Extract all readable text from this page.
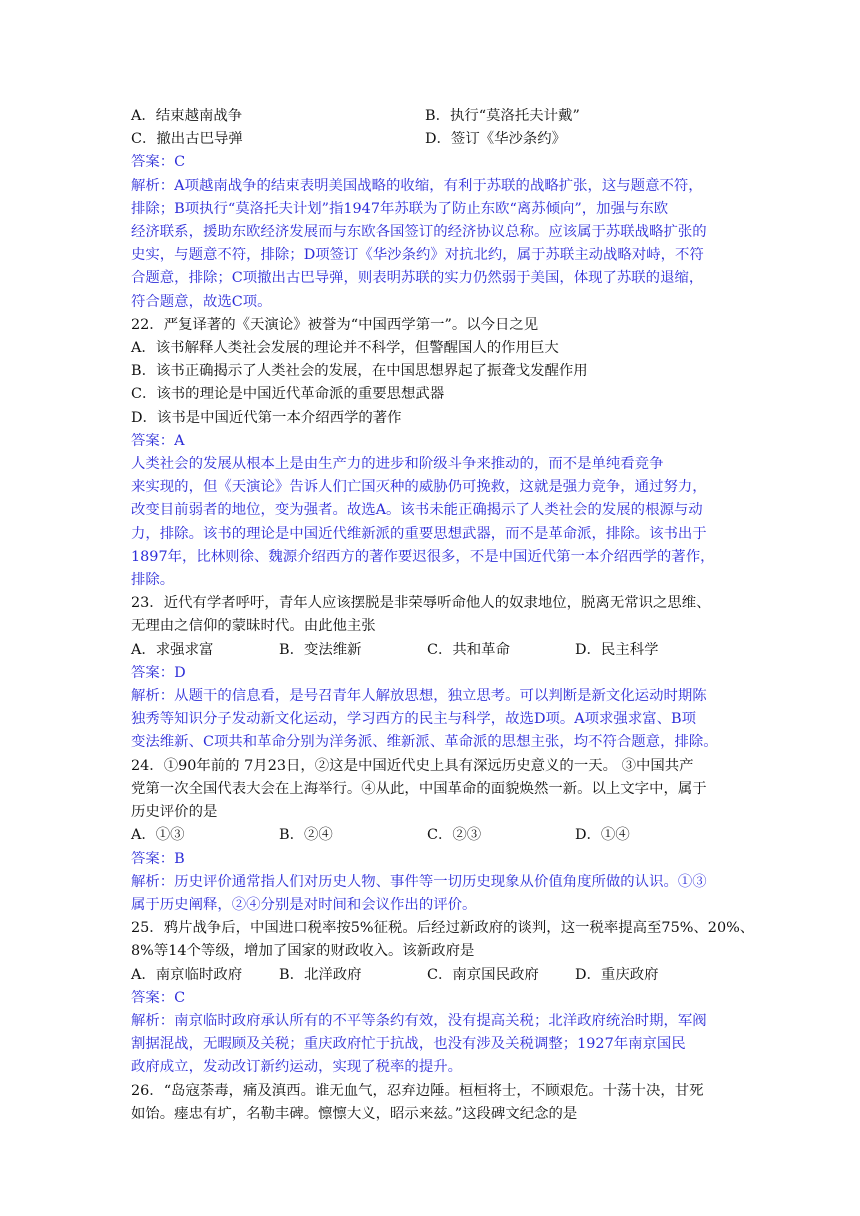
A．结束越南战争	B．执行“莫洛托夫计戴”
C．撤出古巴导弹	D．签订《华沙条约》
答案：C
解析：A项越南战争的结束表明美国战略的收缩，有利于苏联的战略扩张，这与题意不符，
排除；B项执行“莫洛托夫计划”指1947年苏联为了防止东欧“离苏倾向”，加强与东欧
经济联系，援助东欧经济发展而与东欧各国签订的经济协议总称。应该属于苏联战略扩张的
史实，与题意不符，排除；D项签订《华沙条约》对抗北约，属于苏联主动战略对峙，不符
合题意，排除；C项撤出古巴导弹，则表明苏联的实力仍然弱于美国，体现了苏联的退缩，
符合题意，故选C项。
22．严复译著的《天演论》被誉为“中国西学第一”。以今日之见
A．该书解释人类社会发展的理论并不科学，但警醒国人的作用巨大
B．该书正确揭示了人类社会的发展，在中国思想界起了振聋戈发醒作用
C．该书的理论是中国近代革命派的重要思想武器
D．该书是中国近代第一本介绍西学的著作
答案：A
人类社会的发展从根本上是由生产力的进步和阶级斗争来推动的，而不是单纯看竞争
来实现的，但《天演论》告诉人们亡国灭种的威胁仍可挽救，这就是强力竞争，通过努力，
改变目前弱者的地位，变为强者。故选A。该书未能正确揭示了人类社会的发展的根源与动
力，排除。该书的理论是中国近代维新派的重要思想武器，而不是革命派，排除。该书出于
1897年，比林则徐、魏源介绍西方的著作要迟很多，不是中国近代第一本介绍西学的著作，
排除。
23．近代有学者呼吁，青年人应该摆脱是非荣辱听命他人的奴隶地位，脱离无常识之思维、
无理由之信仰的蒙昧时代。由此他主张
A．求强求富	B．变法维新	C．共和革命	D．民主科学
答案：D
解析：从题干的信息看，是号召青年人解放思想，独立思考。可以判断是新文化运动时期陈
独秀等知识分子发动新文化运动，学习西方的民主与科学，故选D项。A项求强求富、B项
变法维新、C项共和革命分别为洋务派、维新派、革命派的思想主张，均不符合题意，排除。
24．①90年前的 7月23日，②这是中国近代史上具有深远历史意义的一天。 ③中国共产
党第一次全国代表大会在上海举行。④从此，中国革命的面貌焕然一新。以上文字中，属于
历史评价的是
A．①③	B．②④	C．②③	D．①④
答案：B
解析：历史评价通常指人们对历史人物、事件等一切历史现象从价值角度所做的认识。①③
属于历史阐释，②④分别是对时间和会议作出的评价。
25．鸦片战争后，中国进口税率按5%征税。后经过新政府的谈判，这一税率提高至75%、20%、
8%等14个等级，增加了国家的财政收入。该新政府是
A．南京临时政府	B．北洋政府	C．南京国民政府	D．重庆政府
答案：C
解析：南京临时政府承认所有的不平等条约有效，没有提高关税；北洋政府统治时期，军阀
割据混战，无暇顾及关税；重庆政府忙于抗战，也没有涉及关税调整；1927年南京国民
政府成立，发动改订新约运动，实现了税率的提升。
26．“岛寇荼毒，痛及滇西。谁无血气，忍弃边陲。桓桓将士，不顾艰危。十荡十决，甘死
如饴。瘗忠有圹，名勒丰碑。懔懔大义，昭示来兹。”这段碑文纪念的是
